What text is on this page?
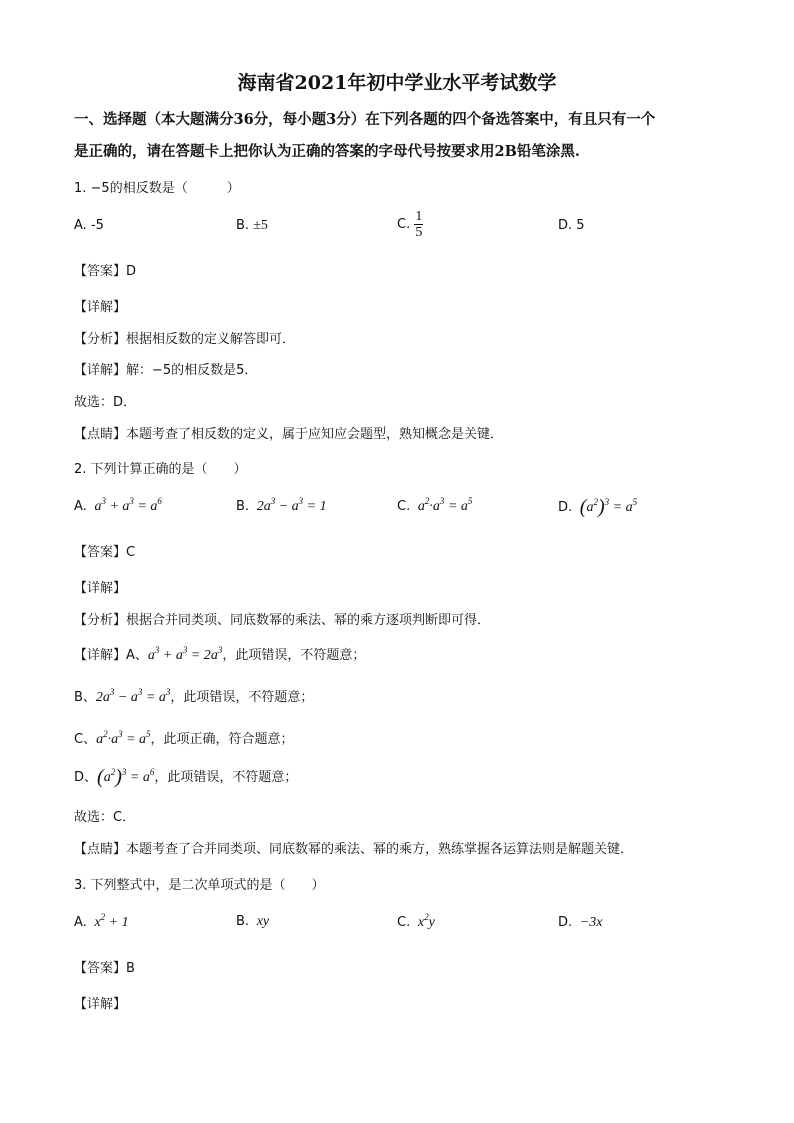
海南省2021年初中学业水平考试数学
一、选择题（本大题满分36分，每小题3分）在下列各题的四个备选答案中，有且只有一个
是正确的，请在答题卡上把你认为正确的答案的字母代号按要求用2B铅笔涂黑.
1. −5的相反数是（　　　）
A. -5	B. ±5	C. $\frac{1}{5}$	D. 5
【答案】D
【详解】
【分析】根据相反数的定义解答即可．
【详解】解：−5的相反数是5．
故选：D．
【点睛】本题考查了相反数的定义，属于应知应会题型，熟知概念是关键．
2. 下列计算正确的是（　　）
A.  $a^3 + a^3 = a^6$	B. $2a^3 - a^3 = 1$	C.  $a^2\cdot a^3 = a^5$	D. $(a^2)^3 = a^5$
【答案】C
【详解】
【分析】根据合并同类项、同底数幂的乘法、幂的乘方逐项判断即可得．
【详解】A、$a^3 + a^3 = 2a^3$，此项错误，不符题意；
B、$2a^3 - a^3 = a^3$，此项错误，不符题意；
C、$a^2\cdot a^3 = a^5$，此项正确，符合题意；
D、$(a^2)^3 = a^6$，此项错误，不符题意；
故选：C．
【点睛】本题考查了合并同类项、同底数幂的乘法、幂的乘方，熟练掌握各运算法则是解题关键．
3. 下列整式中，是二次单项式的是（　　）
A.  $x^2 + 1$	B.  xy	C.  $x^2y$	D. −3x
【答案】B
【详解】
